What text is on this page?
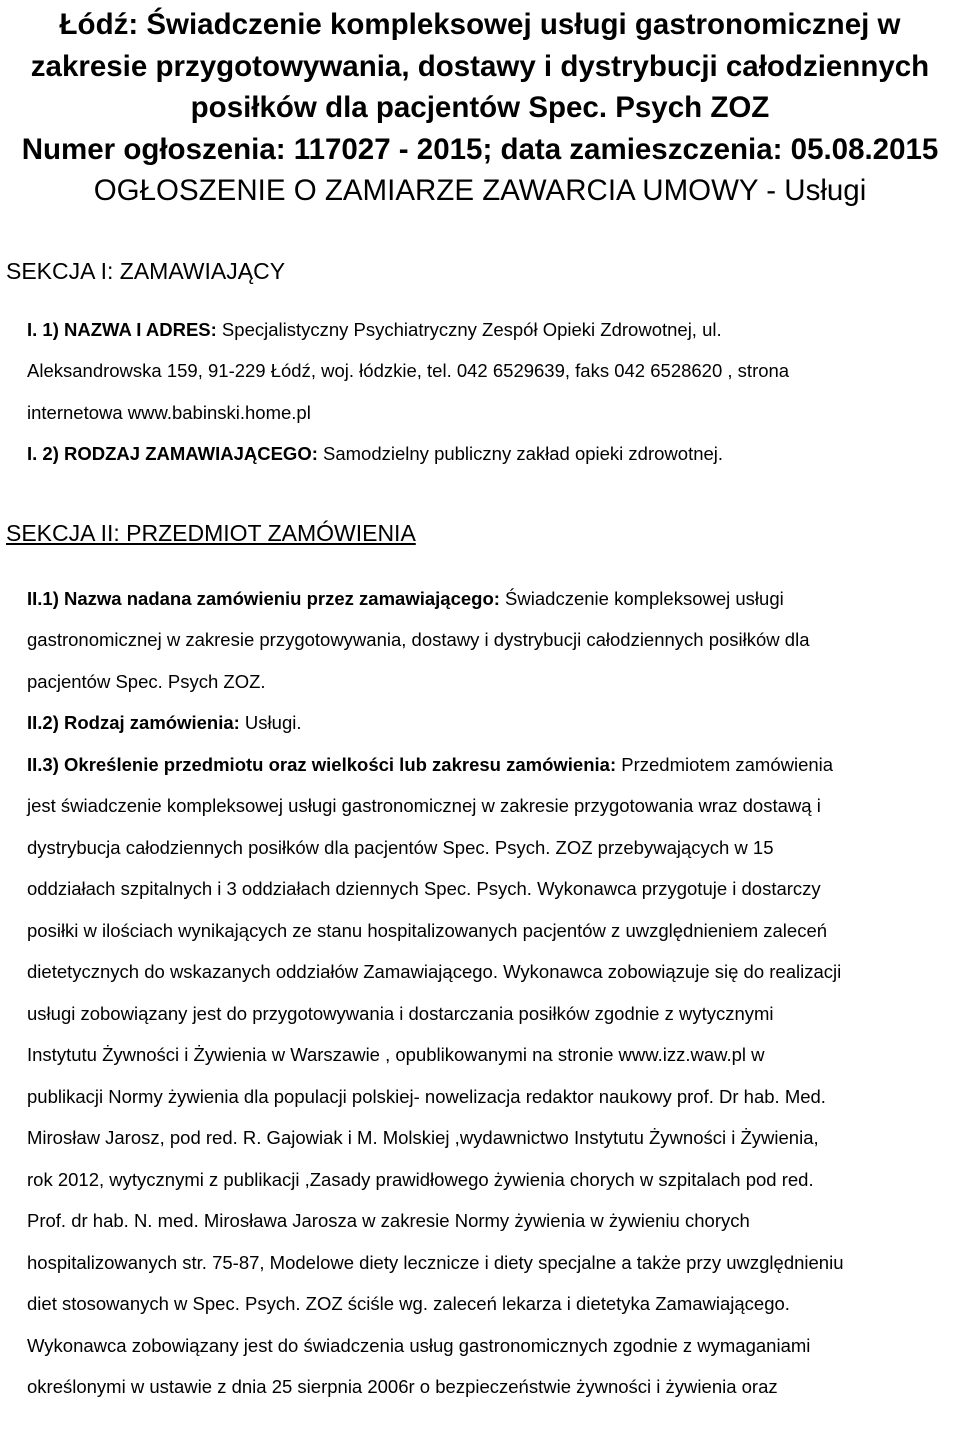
Łódź: Świadczenie kompleksowej usługi gastronomicznej w
zakresie przygotowywania, dostawy i dystrybucji całodziennych
posiłków dla pacjentów Spec. Psych ZOZ
Numer ogłoszenia: 117027 - 2015; data zamieszczenia: 05.08.2015
OGŁOSZENIE O ZAMIARZE ZAWARCIA UMOWY - Usługi
SEKCJA I: ZAMAWIAJĄCY
I. 1) NAZWA I ADRES: Specjalistyczny Psychiatryczny Zespół Opieki Zdrowotnej, ul.
Aleksandrowska 159, 91-229 Łódź, woj. łódzkie, tel. 042 6529639, faks 042 6528620 , strona
internetowa www.babinski.home.pl
I. 2) RODZAJ ZAMAWIAJĄCEGO: Samodzielny publiczny zakład opieki zdrowotnej.
SEKCJA II: PRZEDMIOT ZAMÓWIENIA
II.1) Nazwa nadana zamówieniu przez zamawiającego: Świadczenie kompleksowej usługi
gastronomicznej w zakresie przygotowywania, dostawy i dystrybucji całodziennych posiłków dla
pacjentów Spec. Psych ZOZ.
II.2) Rodzaj zamówienia: Usługi.
II.3) Określenie przedmiotu oraz wielkości lub zakresu zamówienia: Przedmiotem zamówienia
jest świadczenie kompleksowej usługi gastronomicznej w zakresie przygotowania wraz dostawą i
dystrybucja całodziennych posiłków dla pacjentów Spec. Psych. ZOZ przebywających w 15
oddziałach szpitalnych i 3 oddziałach dziennych Spec. Psych. Wykonawca przygotuje i dostarczy
posiłki w ilościach wynikających ze stanu hospitalizowanych pacjentów z uwzględnieniem zaleceń
dietetycznych do wskazanych oddziałów Zamawiającego. Wykonawca zobowiązuje się do realizacji
usługi zobowiązany jest do przygotowywania i dostarczania posiłków zgodnie z wytycznymi
Instytutu Żywności i Żywienia w Warszawie , opublikowanymi na stronie www.izz.waw.pl w
publikacji Normy żywienia dla populacji polskiej- nowelizacja redaktor naukowy prof. Dr hab. Med.
Mirosław Jarosz, pod red. R. Gajowiak i M. Molskiej ,wydawnictwo Instytutu Żywności i Żywienia,
rok 2012, wytycznymi z publikacji ,Zasady prawidłowego żywienia chorych w szpitalach pod red.
Prof. dr hab. N. med. Mirosława Jarosza w zakresie Normy żywienia w żywieniu chorych
hospitalizowanych str. 75-87, Modelowe diety lecznicze i diety specjalne a także przy uwzględnieniu
diet stosowanych w Spec. Psych. ZOZ ściśle wg. zaleceń lekarza i dietetyka Zamawiającego.
Wykonawca zobowiązany jest do świadczenia usług gastronomicznych zgodnie z wymaganiami
określonymi w ustawie z dnia 25 sierpnia 2006r o bezpieczeństwie żywności i żywienia oraz
